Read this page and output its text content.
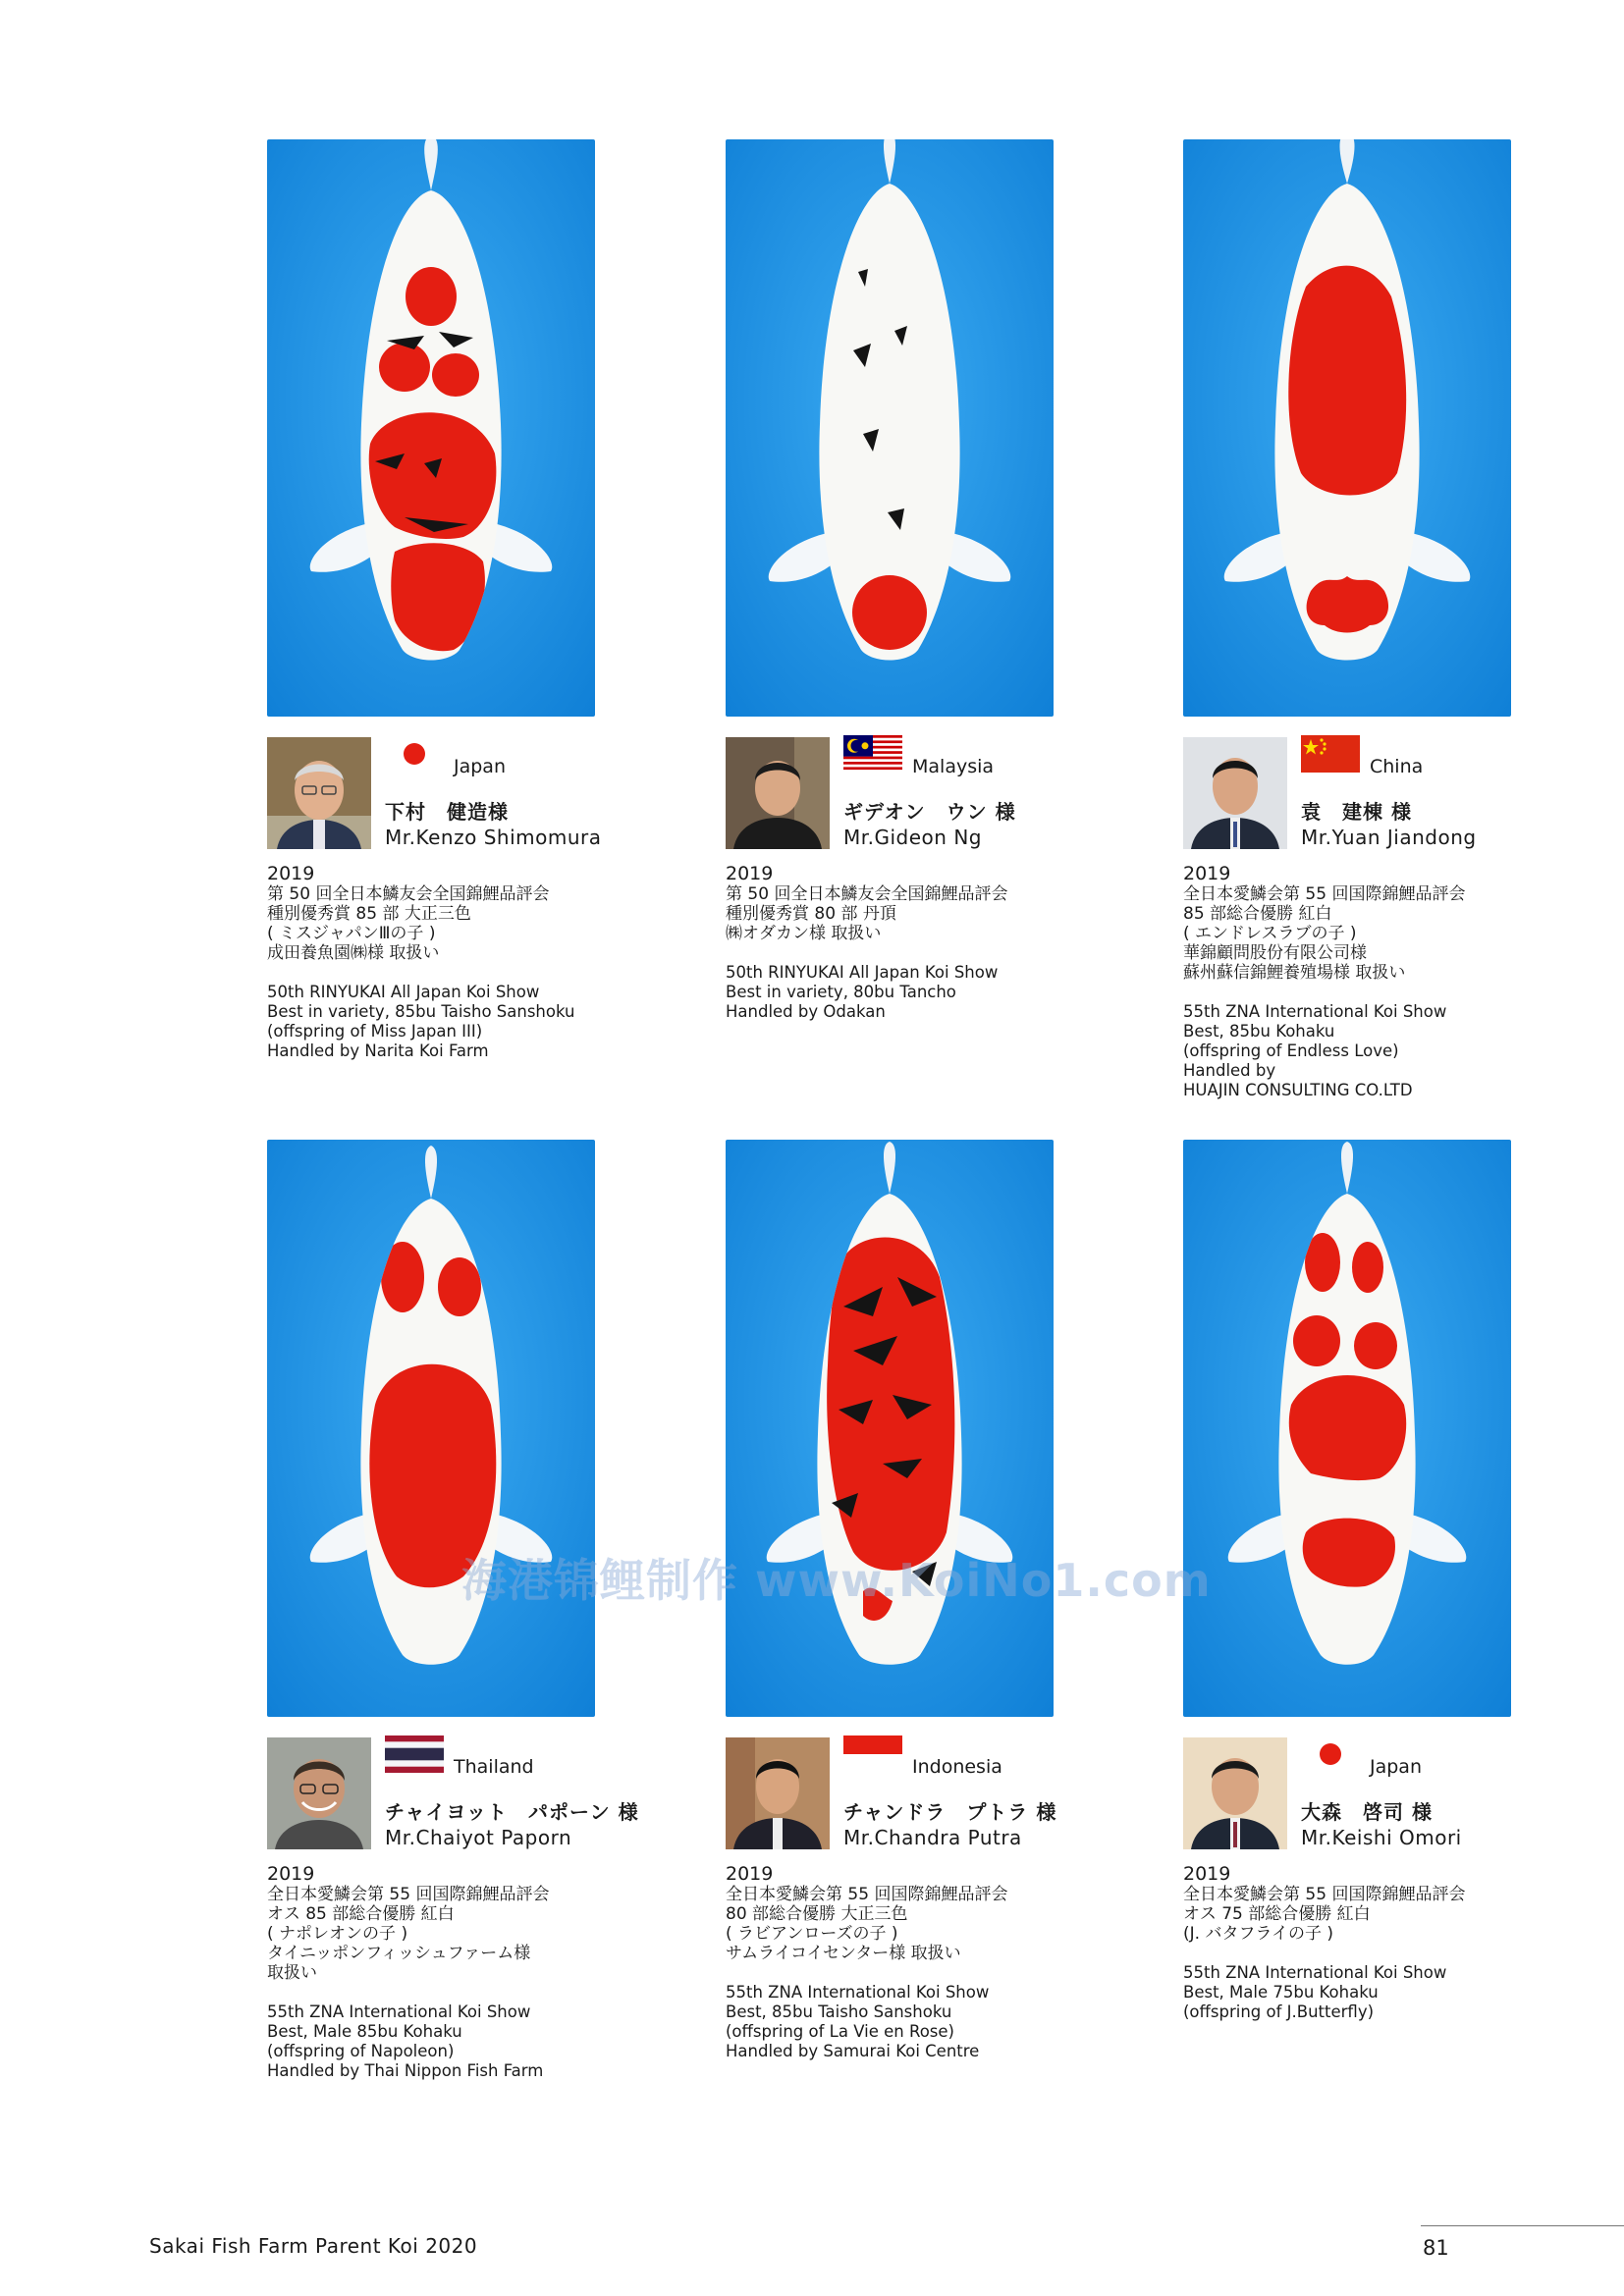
Japan
下村　健造様
Mr.Kenzo Shimomura
2019
第 50 回全日本鱗友会全国錦鯉品評会
種別優秀賞 85 部 大正三色
( ミスジャパンⅢの子 )
成田養魚園㈱様 取扱い
50th RINYUKAI All Japan Koi Show
Best in variety, 85bu Taisho Sanshoku
(offspring of Miss Japan III)
Handled by Narita Koi Farm
Malaysia
ギデオン　ウン 様
Mr.Gideon Ng
2019
第 50 回全日本鱗友会全国錦鯉品評会
種別優秀賞 80 部 丹頂
㈱オダカン様 取扱い
50th RINYUKAI All Japan Koi Show
Best in variety, 80bu Tancho
Handled by Odakan
China
袁　建棟 様
Mr.Yuan Jiandong
2019
全日本愛鱗会第 55 回国際錦鯉品評会
85 部総合優勝 紅白
( エンドレスラブの子 )
華錦顧問股份有限公司様
蘇州蘇信錦鯉養殖場様 取扱い
55th ZNA International Koi Show
Best, 85bu Kohaku
(offspring of Endless Love)
Handled by
HUAJIN CONSULTING CO.LTD
Thailand
チャイヨット　パポーン 様
Mr.Chaiyot Paporn
2019
全日本愛鱗会第 55 回国際錦鯉品評会
オス 85 部総合優勝 紅白
( ナポレオンの子 )
タイニッポンフィッシュファーム様
取扱い
55th ZNA International Koi Show
Best, Male 85bu Kohaku
(offspring of Napoleon)
Handled by Thai Nippon Fish Farm
Indonesia
チャンドラ　プトラ 様
Mr.Chandra Putra
2019
全日本愛鱗会第 55 回国際錦鯉品評会
80 部総合優勝 大正三色
( ラビアンローズの子 )
サムライコイセンター様 取扱い
55th ZNA International Koi Show
Best, 85bu Taisho Sanshoku
(offspring of La Vie en Rose)
Handled by Samurai Koi Centre
Japan
大森　啓司 様
Mr.Keishi Omori
2019
全日本愛鱗会第 55 回国際錦鯉品評会
オス 75 部総合優勝 紅白
(J. バタフライの子 )
55th ZNA International Koi Show
Best, Male 75bu Kohaku
(offspring of J.Butterfly)
海港锦鲤制作 www.KoiNo1.com
Sakai Fish Farm Parent Koi 2020	81
